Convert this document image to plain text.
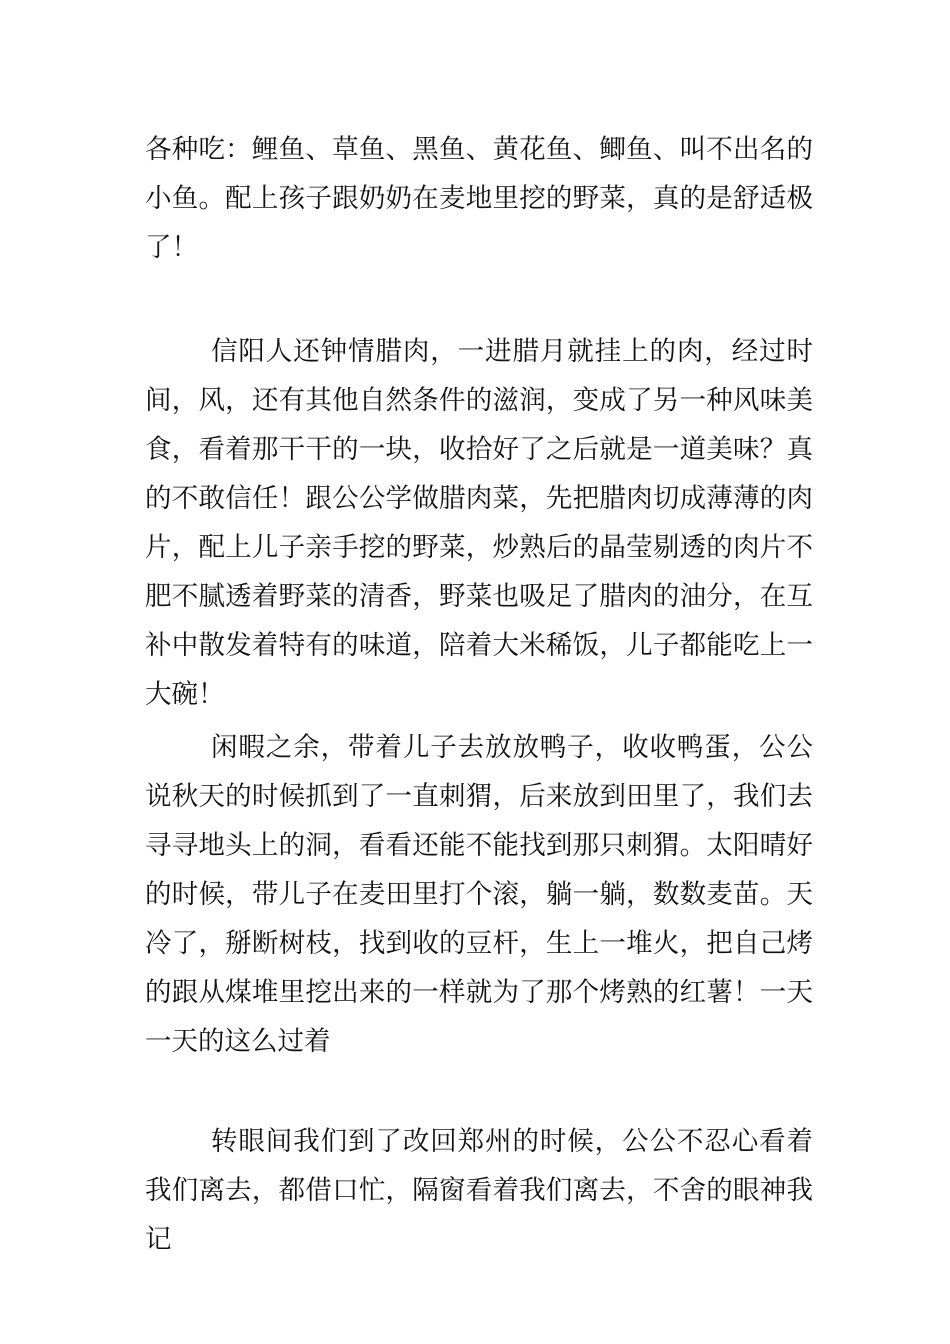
各种吃：鲤鱼、草鱼、黑鱼、黄花鱼、鲫鱼、叫不出名的小鱼。配上孩子跟奶奶在麦地里挖的野菜，真的是舒适极了！

信阳人还钟情腊肉，一进腊月就挂上的肉，经过时间，风，还有其他自然条件的滋润，变成了另一种风味美食，看着那干干的一块，收拾好了之后就是一道美味？真的不敢信任！跟公公学做腊肉菜，先把腊肉切成薄薄的肉片，配上儿子亲手挖的野菜，炒熟后的晶莹剔透的肉片不肥不腻透着野菜的清香，野菜也吸足了腊肉的油分，在互补中散发着特有的味道，陪着大米稀饭，儿子都能吃上一大碗！

闲暇之余，带着儿子去放放鸭子，收收鸭蛋，公公说秋天的时候抓到了一直刺猬，后来放到田里了，我们去寻寻地头上的洞，看看还能不能找到那只刺猬。太阳晴好的时候，带儿子在麦田里打个滚，躺一躺，数数麦苗。天冷了，掰断树枝，找到收的豆杆，生上一堆火，把自己烤的跟从煤堆里挖出来的一样就为了那个烤熟的红薯！一天一天的这么过着

转眼间我们到了改回郑州的时候，公公不忍心看着我们离去，都借口忙，隔窗看着我们离去，不舍的眼神我记
